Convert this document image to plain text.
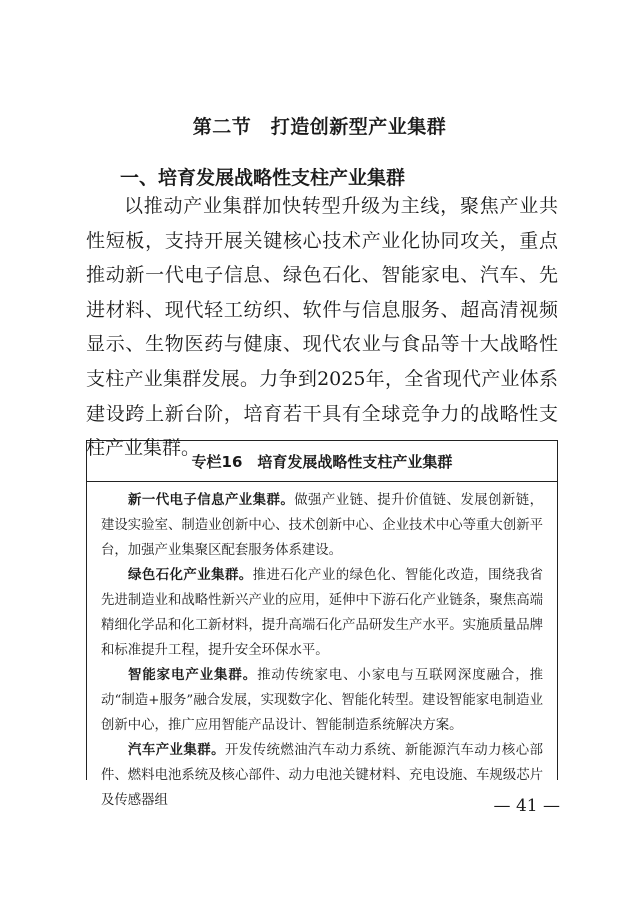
第二节　打造创新型产业集群
一、培育发展战略性支柱产业集群

以推动产业集群加快转型升级为主线，聚焦产业共性短板，支持开展关键核心技术产业化协同攻关，重点推动新一代电子信息、绿色石化、智能家电、汽车、先进材料、现代轻工纺织、软件与信息服务、超高清视频显示、生物医药与健康、现代农业与食品等十大战略性支柱产业集群发展。力争到2025年，全省现代产业体系建设跨上新台阶，培育若干具有全球竞争力的战略性支柱产业集群。

专栏16　培育发展战略性支柱产业集群

新一代电子信息产业集群。做强产业链、提升价值链、发展创新链，建设实验室、制造业创新中心、技术创新中心、企业技术中心等重大创新平台，加强产业集聚区配套服务体系建设。

绿色石化产业集群。推进石化产业的绿色化、智能化改造，围绕我省先进制造业和战略性新兴产业的应用，延伸中下游石化产业链条，聚焦高端精细化学品和化工新材料，提升高端石化产品研发生产水平。实施质量品牌和标准提升工程，提升安全环保水平。

智能家电产业集群。推动传统家电、小家电与互联网深度融合，推动“制造+服务”融合发展，实现数字化、智能化转型。建设智能家电制造业创新中心，推广应用智能产品设计、智能制造系统解决方案。

汽车产业集群。开发传统燃油汽车动力系统、新能源汽车动力核心部件、燃料电池系统及核心部件、动力电池关键材料、充电设施、车规级芯片及传感器组	— 41 —
